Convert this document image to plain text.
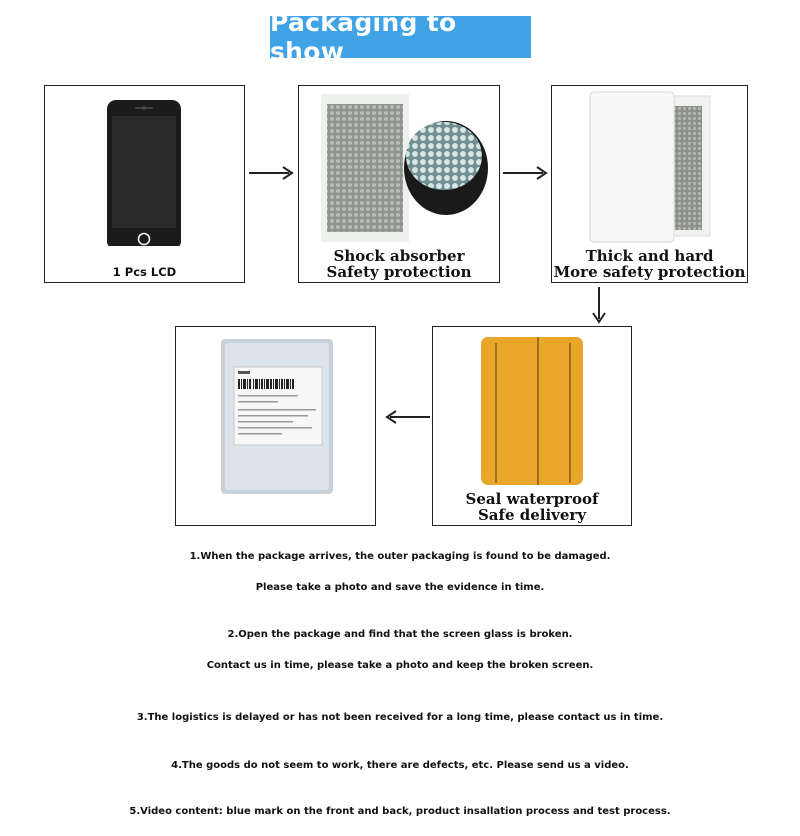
Packaging to show
1 Pcs LCD
Shock absorber
Safety protection
Thick and hard
More safety protection
Seal waterproof
Safe delivery
1.When the package arrives, the outer packaging is found to be damaged.
Please take a photo and save the evidence in time.
2.Open the package and find that the screen glass is broken.
Contact us in time, please take a photo and keep the broken screen.
3.The logistics is delayed or has not been received for a long time, please contact us in time.
4.The goods do not seem to work, there are defects, etc. Please send us a video.
5.Video content: blue mark on the front and back, product insallation process and test process.
